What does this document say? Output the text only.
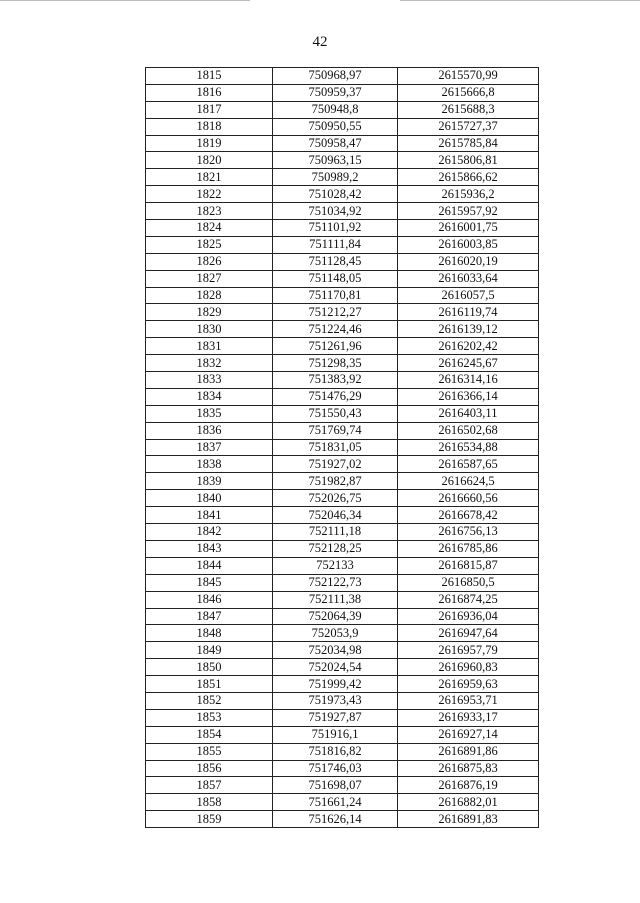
42
1815	750968,97	2615570,99
1816	750959,37	2615666,8
1817	750948,8	2615688,3
1818	750950,55	2615727,37
1819	750958,47	2615785,84
1820	750963,15	2615806,81
1821	750989,2	2615866,62
1822	751028,42	2615936,2
1823	751034,92	2615957,92
1824	751101,92	2616001,75
1825	751111,84	2616003,85
1826	751128,45	2616020,19
1827	751148,05	2616033,64
1828	751170,81	2616057,5
1829	751212,27	2616119,74
1830	751224,46	2616139,12
1831	751261,96	2616202,42
1832	751298,35	2616245,67
1833	751383,92	2616314,16
1834	751476,29	2616366,14
1835	751550,43	2616403,11
1836	751769,74	2616502,68
1837	751831,05	2616534,88
1838	751927,02	2616587,65
1839	751982,87	2616624,5
1840	752026,75	2616660,56
1841	752046,34	2616678,42
1842	752111,18	2616756,13
1843	752128,25	2616785,86
1844	752133	2616815,87
1845	752122,73	2616850,5
1846	752111,38	2616874,25
1847	752064,39	2616936,04
1848	752053,9	2616947,64
1849	752034,98	2616957,79
1850	752024,54	2616960,83
1851	751999,42	2616959,63
1852	751973,43	2616953,71
1853	751927,87	2616933,17
1854	751916,1	2616927,14
1855	751816,82	2616891,86
1856	751746,03	2616875,83
1857	751698,07	2616876,19
1858	751661,24	2616882,01
1859	751626,14	2616891,83
